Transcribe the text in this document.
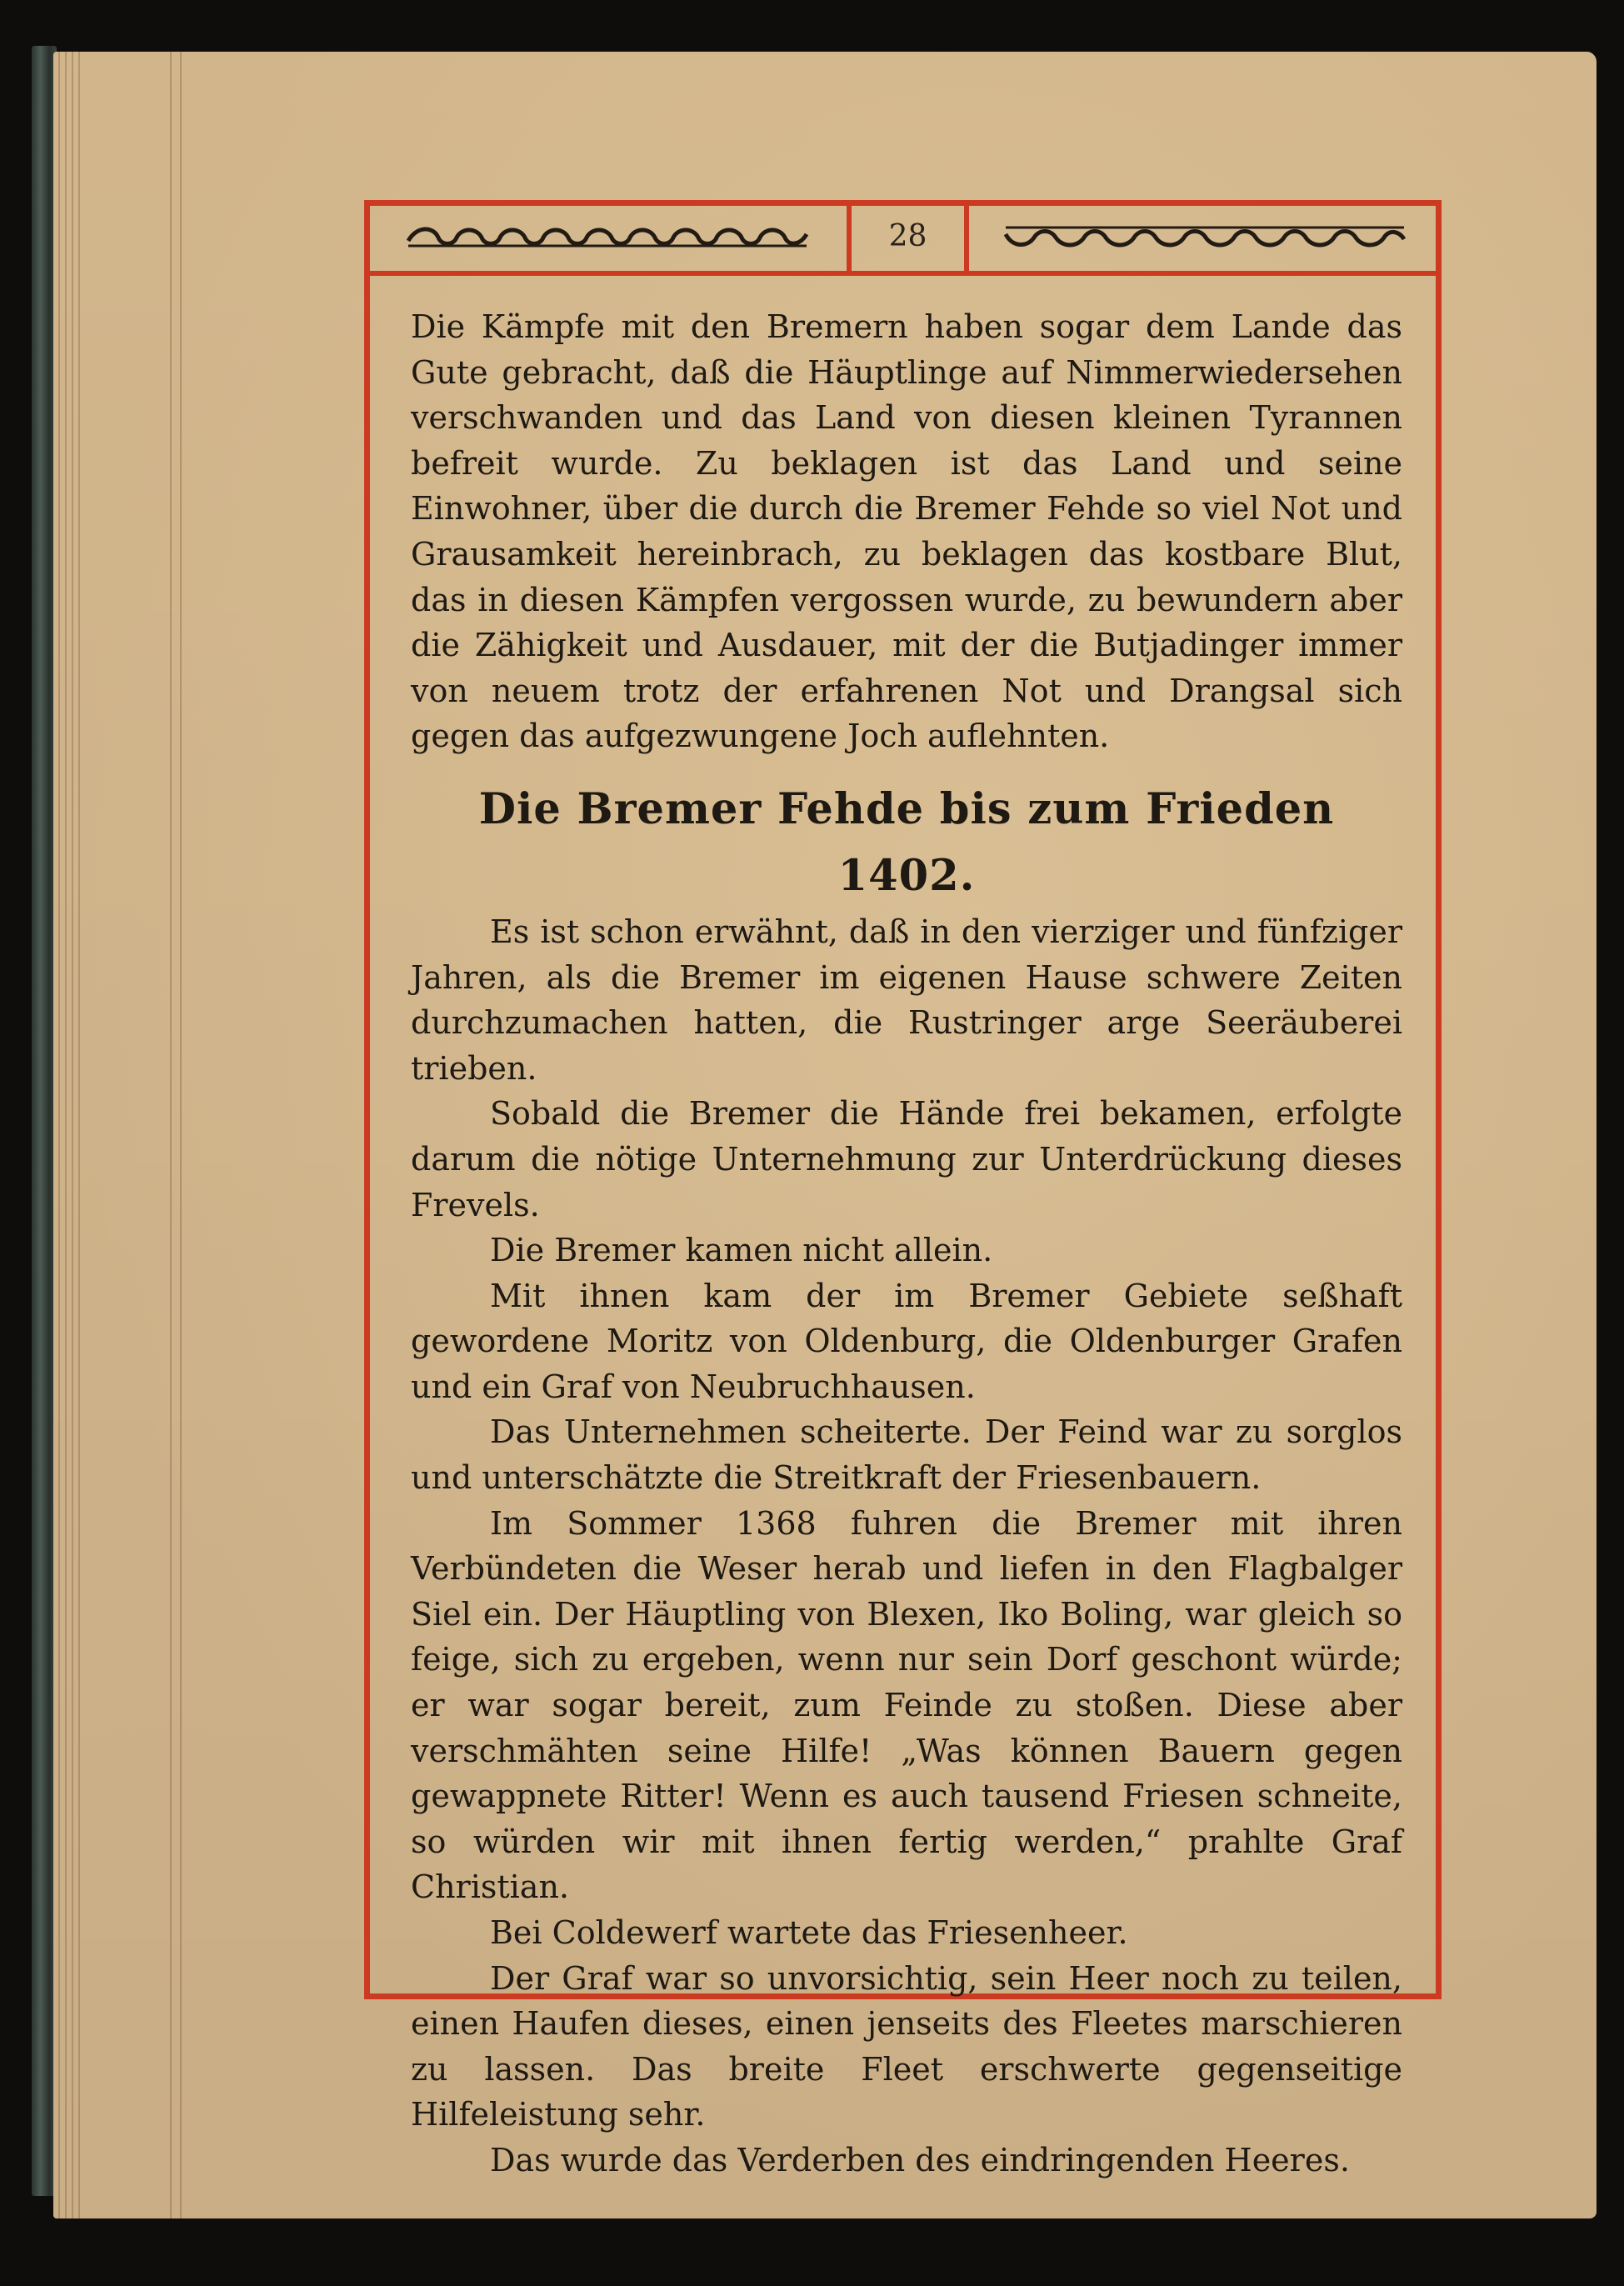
28

Die Kämpfe mit den Bremern haben sogar dem Lande das Gute gebracht, daß die Häuptlinge auf Nimmerwiedersehen verschwanden und das Land von diesen kleinen Tyrannen befreit wurde. Zu beklagen ist das Land und seine Einwohner, über die durch die Bremer Fehde so viel Not und Grausamkeit hereinbrach, zu beklagen das kostbare Blut, das in diesen Kämpfen vergossen wurde, zu bewundern aber die Zähigkeit und Ausdauer, mit der die Butjadinger immer von neuem trotz der erfahrenen Not und Drangsal sich gegen das aufgezwungene Joch auflehnten.

Die Bremer Fehde bis zum Frieden 1402.

Es ist schon erwähnt, daß in den vierziger und fünfziger Jahren, als die Bremer im eigenen Hause schwere Zeiten durchzumachen hatten, die Rustringer arge Seeräuberei trieben.

Sobald die Bremer die Hände frei bekamen, erfolgte darum die nötige Unternehmung zur Unterdrückung dieses Frevels.

Die Bremer kamen nicht allein.

Mit ihnen kam der im Bremer Gebiete seßhaft gewordene Moritz von Oldenburg, die Oldenburger Grafen und ein Graf von Neubruchhausen.

Das Unternehmen scheiterte. Der Feind war zu sorglos und unterschätzte die Streitkraft der Friesenbauern.

Im Sommer 1368 fuhren die Bremer mit ihren Verbündeten die Weser herab und liefen in den Flagbalger Siel ein. Der Häuptling von Blexen, Iko Boling, war gleich so feige, sich zu ergeben, wenn nur sein Dorf geschont würde; er war sogar bereit, zum Feinde zu stoßen. Diese aber verschmähten seine Hilfe! „Was können Bauern gegen gewappnete Ritter! Wenn es auch tausend Friesen schneite, so würden wir mit ihnen fertig werden,“ prahlte Graf Christian.

Bei Coldewerf wartete das Friesenheer.

Der Graf war so unvorsichtig, sein Heer noch zu teilen, einen Haufen dieses, einen jenseits des Fleetes marschieren zu lassen. Das breite Fleet erschwerte gegenseitige Hilfeleistung sehr.

Das wurde das Verderben des eindringenden Heeres.
